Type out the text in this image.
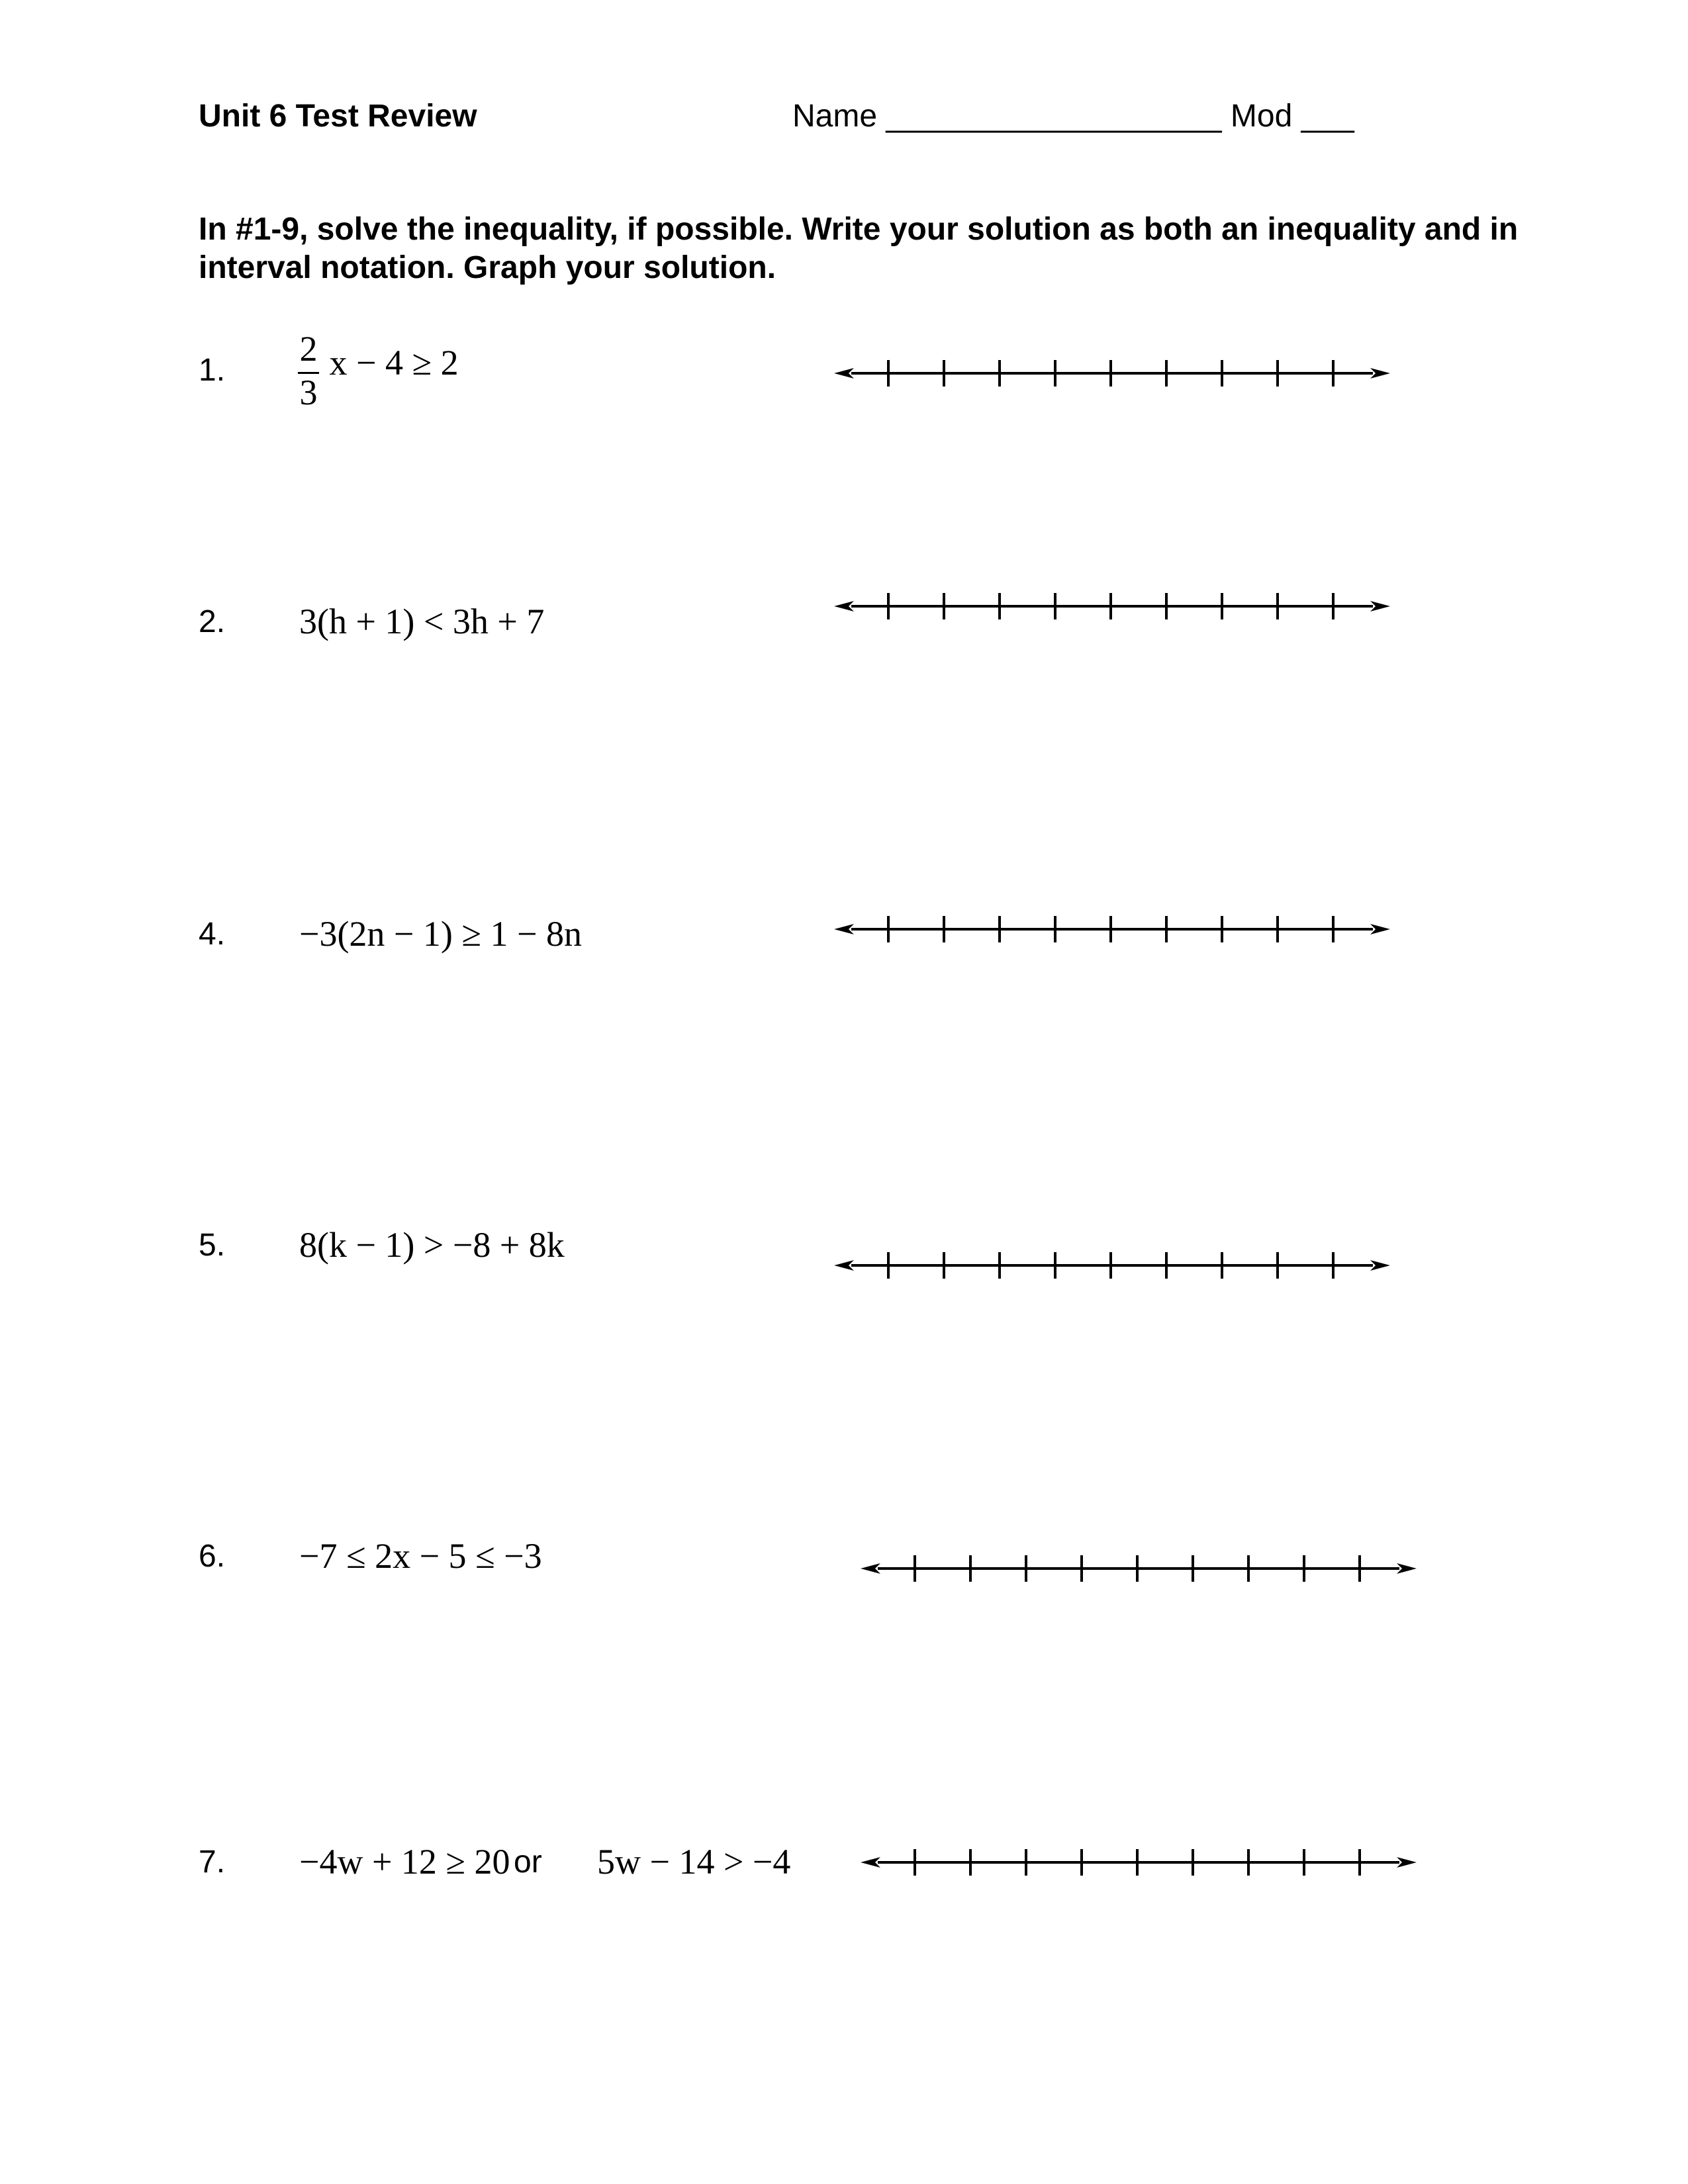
Unit 6 Test Review	Name ___________________ Mod ___
In #1-9, solve the inequality, if possible. Write your solution as both an inequality and in interval notation. Graph your solution.
1. $\frac{2}{3}$ x − 4 ≥ 2
2. 3(h + 1) < 3h + 7
4. −3(2n − 1) ≥ 1 − 8n
5. 8(k − 1) > −8 + 8k
6. −7 ≤ 2x − 5 ≤ −3
7. −4w + 12 ≥ 20 or 5w − 14 > −4
